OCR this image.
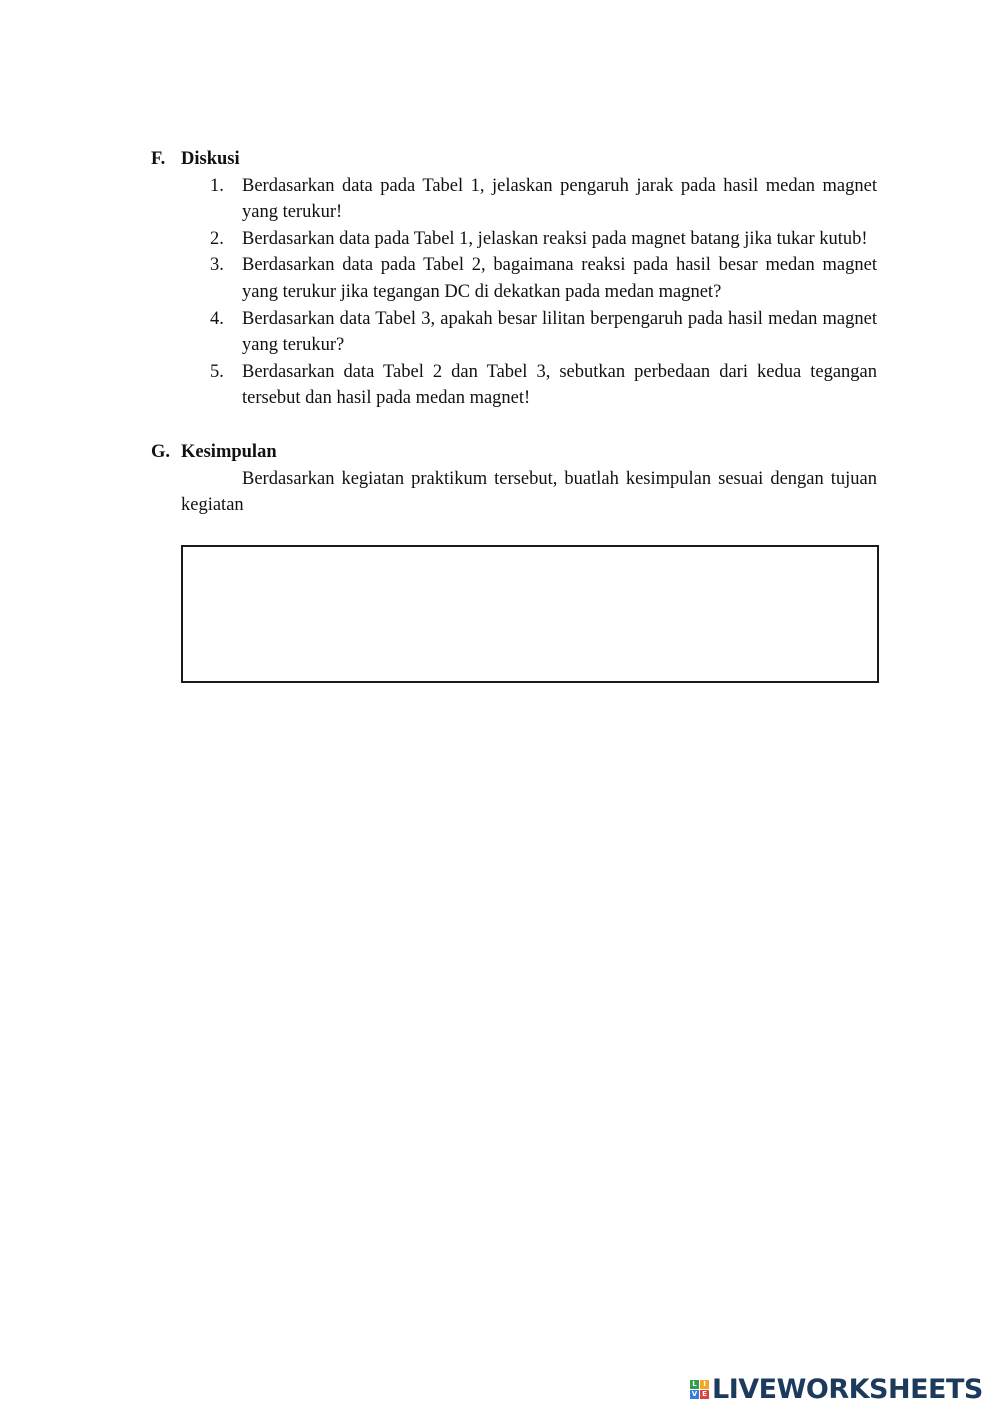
F. Diskusi
1. Berdasarkan data pada Tabel 1, jelaskan pengaruh jarak pada hasil medan magnet yang terukur!
2. Berdasarkan data pada Tabel 1, jelaskan reaksi pada magnet batang jika tukar kutub!
3. Berdasarkan data pada Tabel 2, bagaimana reaksi pada hasil besar medan magnet yang terukur jika tegangan DC di dekatkan pada medan magnet?
4. Berdasarkan data Tabel 3, apakah besar lilitan berpengaruh pada hasil medan magnet yang terukur?
5. Berdasarkan data Tabel 2 dan Tabel 3, sebutkan perbedaan dari kedua tegangan tersebut dan hasil pada medan magnet!
G. Kesimpulan

Berdasarkan kegiatan praktikum tersebut, buatlah kesimpulan sesuai dengan tujuan kegiatan

L I
V E LIVEWORKSHEETS
